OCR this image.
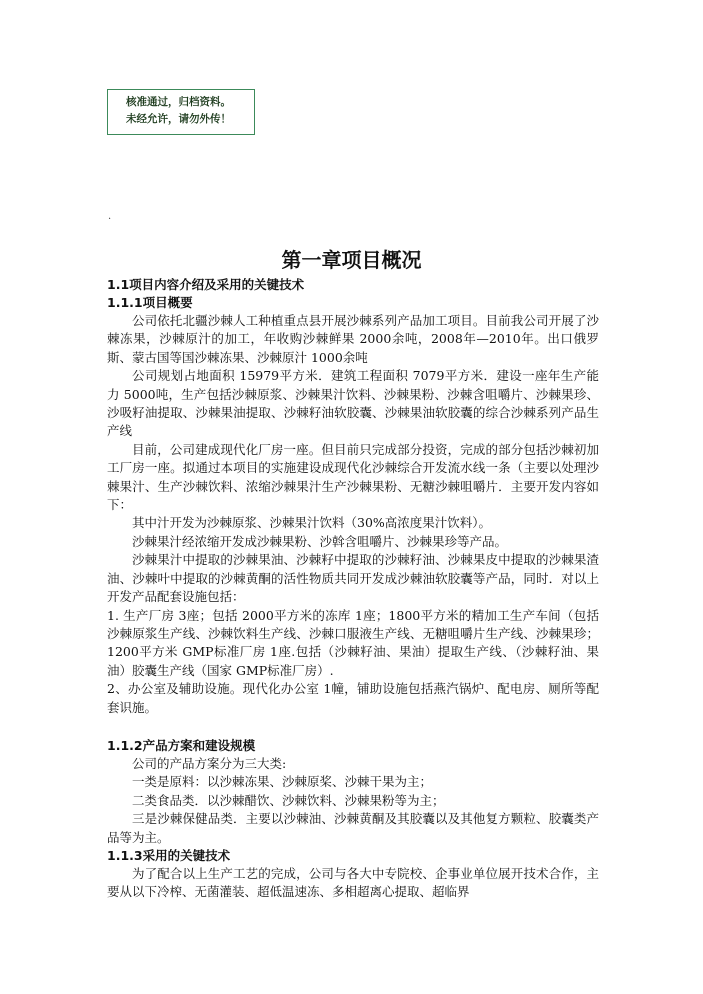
核准通过，归档资料。
未经允许，请勿外传！
.
第一章项目概况
1.1项目内容介绍及采用的关键技术
1.1.1项目概要

公司依托北疆沙棘人工种植重点县开展沙棘系列产品加工项目。目前我公司开展了沙棘冻果，沙棘原汁的加工，年收购沙棘鲜果 2000余吨，2008年—2010年。出口俄罗斯、蒙古国等国沙棘冻果、沙棘原汁 1000余吨

公司规划占地面积 15979平方米．建筑工程面积 7079平方米．建设一座年生产能力 5000吨，生产包括沙棘原浆、沙棘果汁饮料、沙棘果粉、沙棘含咀嚼片、沙棘果珍、沙吸籽油提取、沙棘果油提取、沙棘籽油软胶囊、沙棘果油软胶囊的综合沙棘系列产品生产线

目前，公司建成现代化厂房一座。但目前只完成部分投资，完成的部分包括沙棘初加工厂房一座。拟通过本项目的实施建设成现代化沙棘综合开发流水线一条（主要以处理沙棘果汁、生产沙棘饮料、浓缩沙棘果汁生产沙棘果粉、无糖沙棘咀嚼片．主要开发内容如下：

其中汁开发为沙棘原浆、沙棘果汁饮料（30%高浓度果汁饮料）。

沙棘果汁经浓缩开发成沙棘果粉、沙斡含咀嚼片、沙棘果珍等产品。

沙棘果汁中提取的沙棘果油、沙棘籽中提取的沙棘籽油、沙棘果皮中提取的沙棘果渣油、沙棘叶中提取的沙棘黄酮的活性物质共同开发成沙棘油软胶囊等产品，同时．对以上开发产品配套设施包括：

1. 生产厂房 3座；包括 2000平方米的冻库 1座；1800平方米的精加工生产车间（包括沙棘原浆生产线、沙棘饮料生产线、沙棘口服液生产线、无糖咀嚼片生产线、沙棘果珍；1200平方米 GMP标准厂房 1座.包括（沙棘籽油、果油）提取生产线、（沙棘籽油、果油）胶囊生产线（国家 GMP标准厂房）.

2、办公室及辅助设施。现代化办公室 1幢，铺助设施包括燕汽锅炉、配电房、厕所等配套识施。

1.1.2产品方案和建设规模

公司的产品方案分为三大类:

一类是原料：以沙棘冻果、沙棘原桨、沙棘干果为主；

二类食品类．以沙棘醋饮、沙棘饮料、沙棘果粉等为主；

三是沙棘保健品类．主要以沙棘油、沙棘黄酮及其胶囊以及其他复方颗粒、胶囊类产品等为主。

1.1.3采用的关键技术

为了配合以上生产工艺的完成，公司与各大中专院校、企事业单位展开技术合作，主要从以下冷榨、无菌灌装、超低温速冻、多相超离心提取、超临界
